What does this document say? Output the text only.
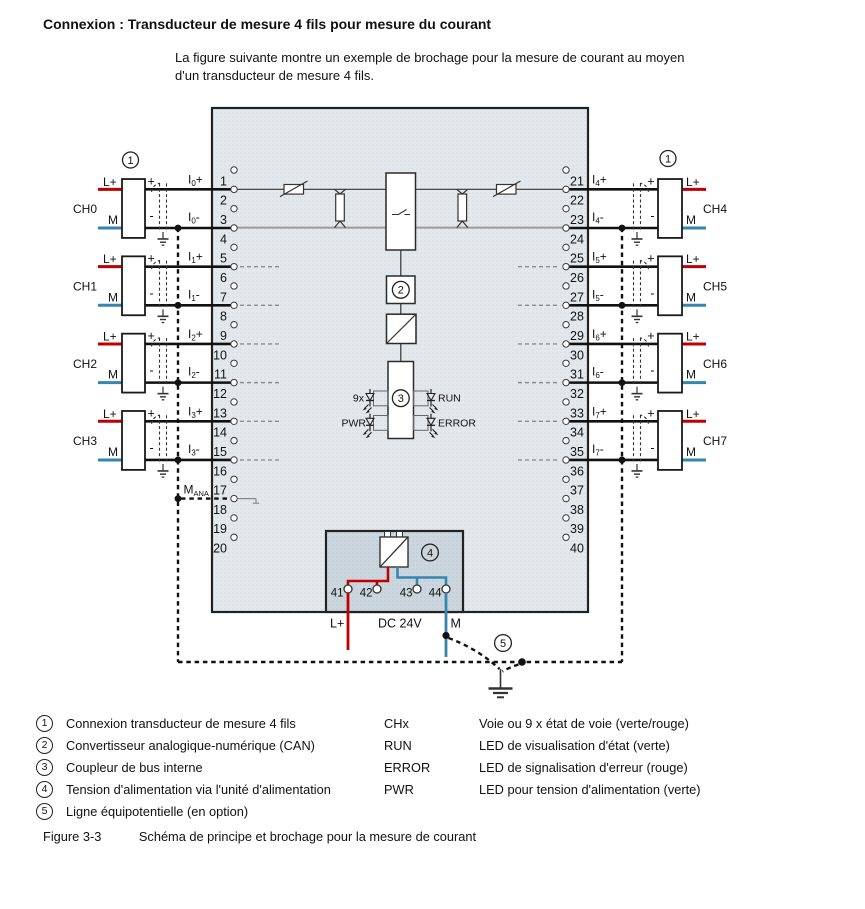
Connexion : Transducteur de mesure 4 fils pour mesure du courant
La figure suivante montre un exemple de brochage pour la mesure de courant au moyen
d'un transducteur de mesure 4 fils.
2
3
9x
PWR
RUN
ERROR
4
41 42 43 44
L+	DC 24V M
5
$M_{ANA}$
1	1
L+
M
CH0
+
-
$I_0+$
$I_0-$
L+
M
CH1
+
-
$I_1+$
$I_1-$
L+
M
CH2
+
-
$I_2+$
$I_2-$
L+
M
CH3
+
-
$I_3+$
$I_3-$
L+
M
CH4
+
-
$I_4+$
$I_4-$
L+
M
CH5
+
-
$I_5+$
$I_5-$
L+
M
CH6
+
-
$I_6+$
$I_6-$
L+
M
CH7
+
-
$I_7+$
$I_7-$
1
2
3
4
5
6
7
8
9
10
11
12
13
14
15
16
17
18
19
20
21
22
23
24
25
26
27
28
29
30
31
32
33
34
35
36
37
38
39
40
1	Connexion transducteur de mesure 4 fils	CHx	Voie ou 9 x état de voie (verte/rouge)
2	Convertisseur analogique-numérique (CAN)	RUN	LED de visualisation d'état (verte)
3	Coupleur de bus interne	ERROR	LED de signalisation d'erreur (rouge)
4	Tension d'alimentation via l'unité d'alimentation	PWR	LED pour tension d'alimentation (verte)
5	Ligne équipotentielle (en option)
Figure 3-3	Schéma de principe et brochage pour la mesure de courant
